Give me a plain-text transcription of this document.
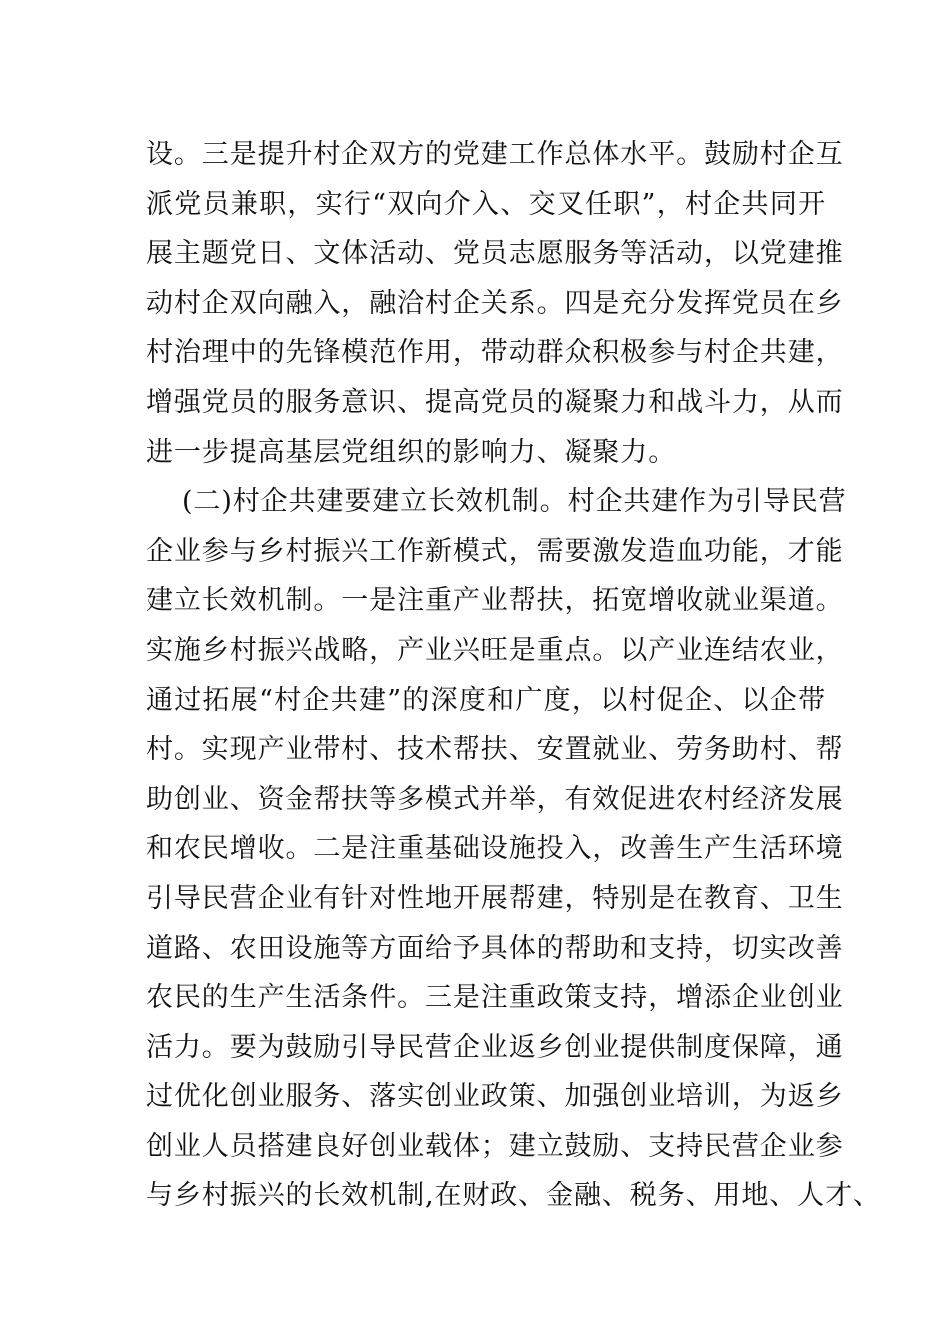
设。三是提升村企双方的党建工作总体水平。鼓励村企互
派党员兼职，实行“双向介入、交叉任职”，村企共同开
展主题党日、文体活动、党员志愿服务等活动，以党建推
动村企双向融入，融洽村企关系。四是充分发挥党员在乡
村治理中的先锋模范作用，带动群众积极参与村企共建，
增强党员的服务意识、提高党员的凝聚力和战斗力，从而
进一步提高基层党组织的影响力、凝聚力。
(二)村企共建要建立长效机制。村企共建作为引导民营
企业参与乡村振兴工作新模式，需要激发造血功能，才能
建立长效机制。一是注重产业帮扶，拓宽增收就业渠道。
实施乡村振兴战略，产业兴旺是重点。以产业连结农业，
通过拓展“村企共建”的深度和广度，以村促企、以企带
村。实现产业带村、技术帮扶、安置就业、劳务助村、帮
助创业、资金帮扶等多模式并举，有效促进农村经济发展
和农民增收。二是注重基础设施投入，改善生产生活环境
引导民营企业有针对性地开展帮建，特别是在教育、卫生
道路、农田设施等方面给予具体的帮助和支持，切实改善
农民的生产生活条件。三是注重政策支持，增添企业创业
活力。要为鼓励引导民营企业返乡创业提供制度保障，通
过优化创业服务、落实创业政策、加强创业培训，为返乡
创业人员搭建良好创业载体；建立鼓励、支持民营企业参
与乡村振兴的长效机制,在财政、金融、税务、用地、人才、
